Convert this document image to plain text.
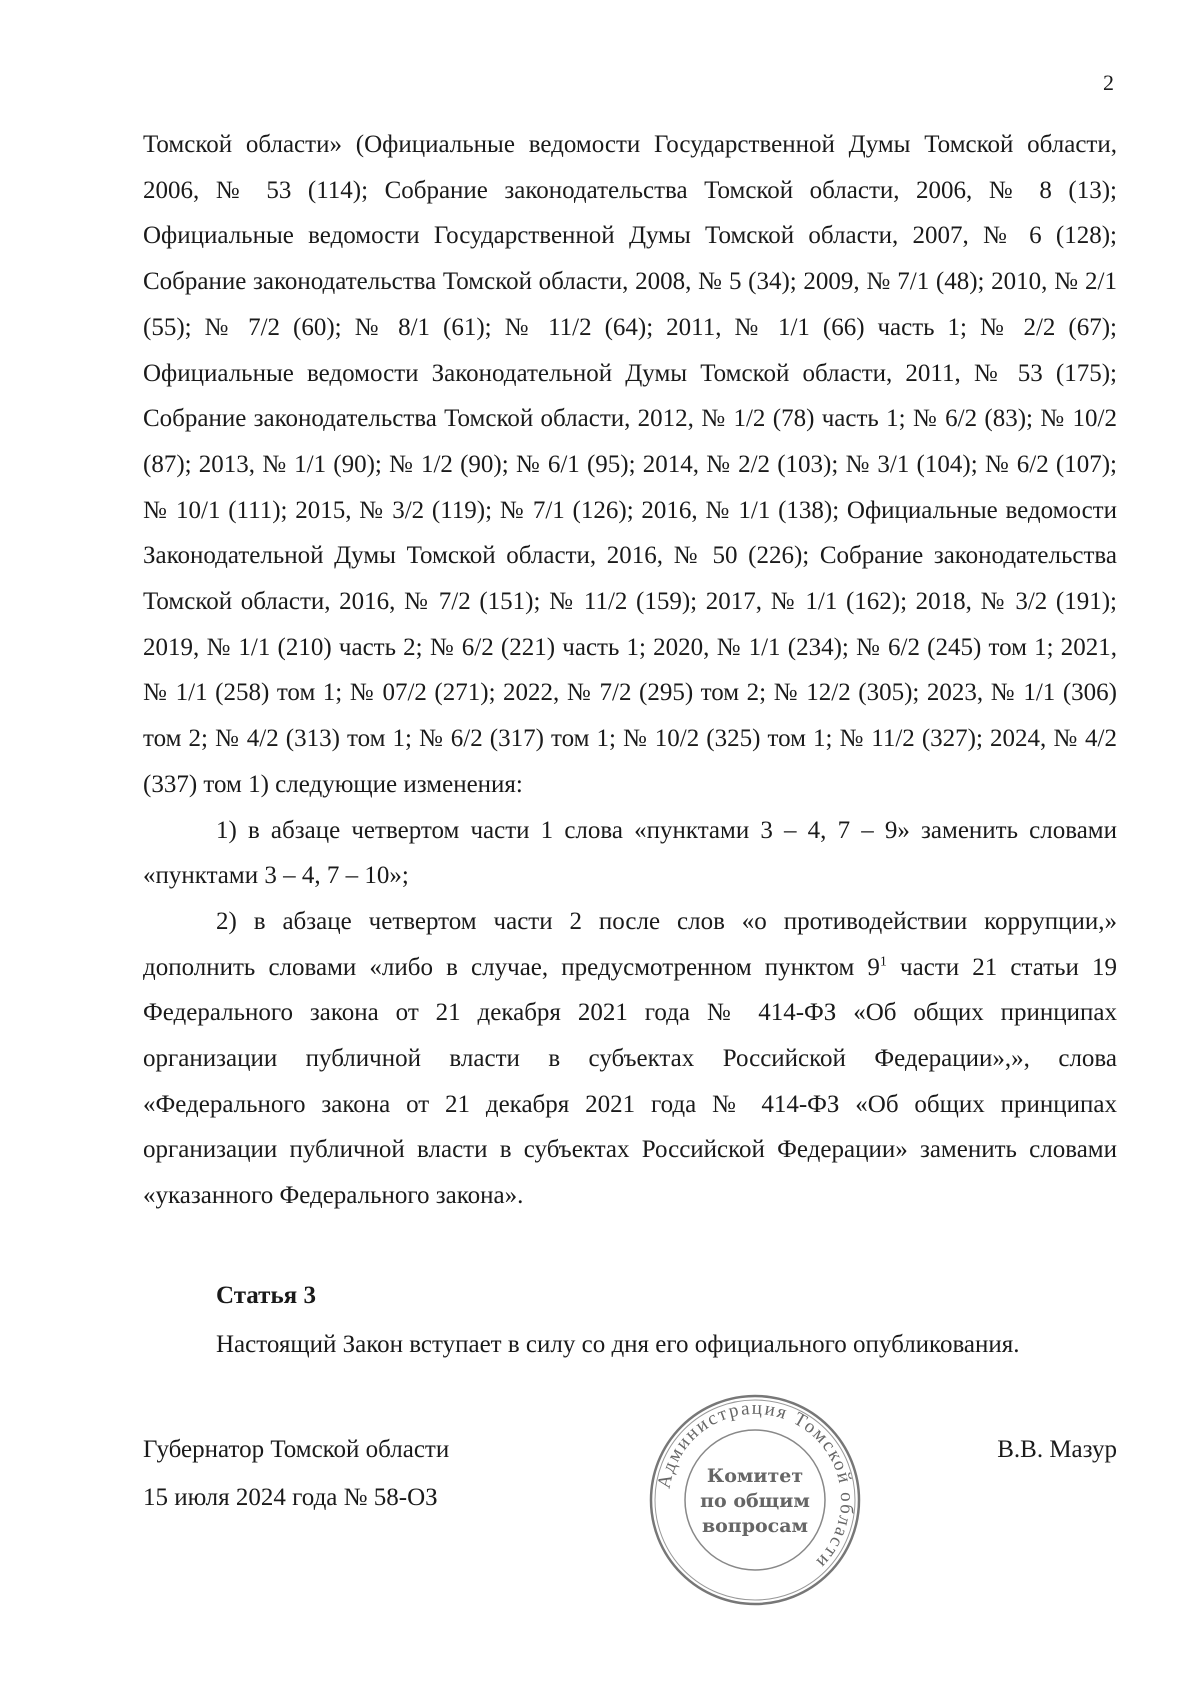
2

Томской области» (Официальные ведомости Государственной Думы Томской области, 2006, № 53 (114); Собрание законодательства Томской области, 2006, № 8 (13); Официальные ведомости Государственной Думы Томской области, 2007, № 6 (128); Собрание законодательства Томской области, 2008, № 5 (34); 2009, № 7/1 (48); 2010, № 2/1 (55); № 7/2 (60); № 8/1 (61); № 11/2 (64); 2011, № 1/1 (66) часть 1; № 2/2 (67); Официальные ведомости Законодательной Думы Томской области, 2011, № 53 (175); Собрание законодательства Томской области, 2012, № 1/2 (78) часть 1; № 6/2 (83); № 10/2 (87); 2013, № 1/1 (90); № 1/2 (90); № 6/1 (95); 2014, № 2/2 (103); № 3/1 (104); № 6/2 (107); № 10/1 (111); 2015, № 3/2 (119); № 7/1 (126); 2016, № 1/1 (138); Официальные ведомости Законодательной Думы Томской области, 2016, № 50 (226); Собрание законодательства Томской области, 2016, № 7/2 (151); № 11/2 (159); 2017, № 1/1 (162); 2018, № 3/2 (191); 2019, № 1/1 (210) часть 2; № 6/2 (221) часть 1; 2020, № 1/1 (234); № 6/2 (245) том 1; 2021, № 1/1 (258) том 1; № 07/2 (271); 2022, № 7/2 (295) том 2; № 12/2 (305); 2023, № 1/1 (306) том 2; № 4/2 (313) том 1; № 6/2 (317) том 1; № 10/2 (325) том 1; № 11/2 (327); 2024, № 4/2 (337) том 1) следующие изменения:

1) в абзаце четвертом части 1 слова «пунктами 3 – 4, 7 – 9» заменить словами «пунктами 3 – 4, 7 – 10»;

2) в абзаце четвертом части 2 после слов «о противодействии коррупции,» дополнить словами «либо в случае, предусмотренном пунктом $9^1$ части 21 статьи 19 Федерального закона от 21 декабря 2021 года № 414-ФЗ «Об общих принципах организации публичной власти в субъектах Российской Федерации»,», слова «Федерального закона от 21 декабря 2021 года № 414-ФЗ «Об общих принципах организации публичной власти в субъектах Российской Федерации» заменить словами «указанного Федерального закона».

Статья 3
Настоящий Закон вступает в силу со дня его официального опубликования.
Губернатор Томской области
15 июля 2024 года № 58-ОЗ
В.В. Мазур
Администрация Томской области
Комитет
по общим
вопросам
